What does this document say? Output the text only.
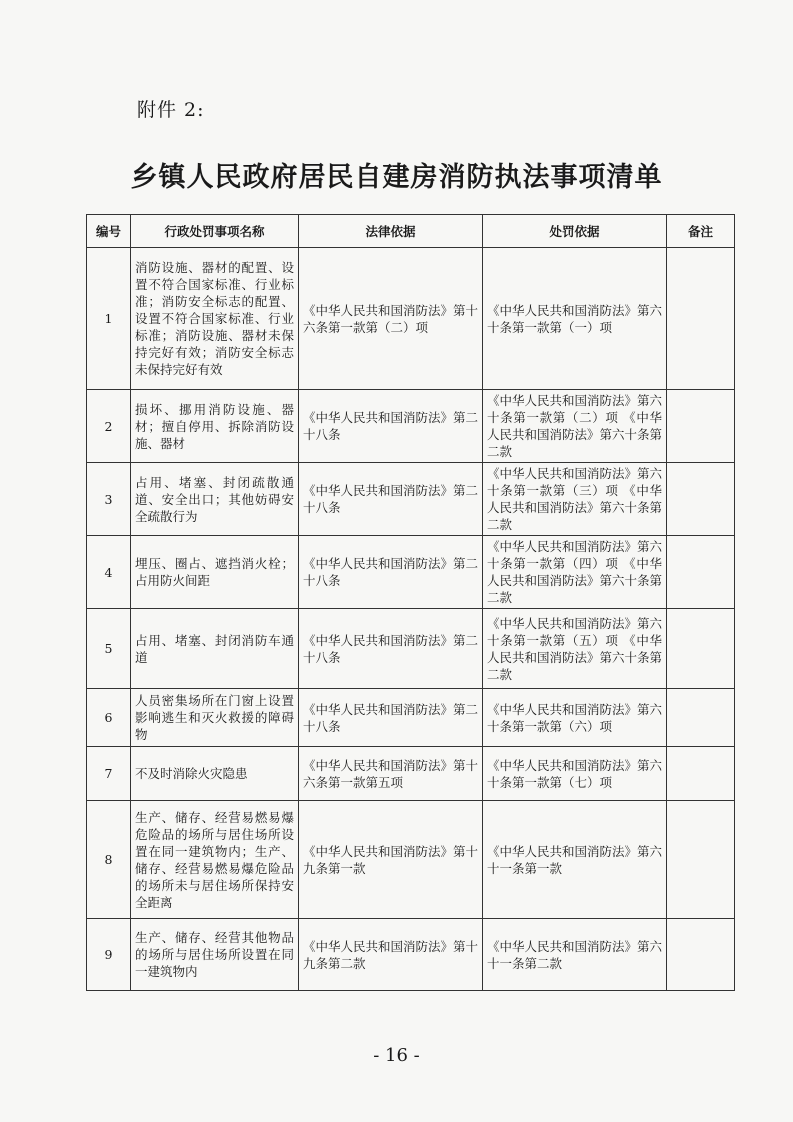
附件 2:
乡镇人民政府居民自建房消防执法事项清单
编号	行政处罚事项名称	法律依据	处罚依据	备注
1	消防设施、器材的配置、设置不符合国家标准、行业标准；消防安全标志的配置、设置不符合国家标准、行业标准；消防设施、器材未保持完好有效；消防安全标志未保持完好有效	《中华人民共和国消防法》第十六条第一款第（二）项	《中华人民共和国消防法》第六十条第一款第（一）项	
2	损坏、挪用消防设施、器材；擅自停用、拆除消防设施、器材	《中华人民共和国消防法》第二十八条	《中华人民共和国消防法》第六十条第一款第（二）项 《中华人民共和国消防法》第六十条第二款	
3	占用、堵塞、封闭疏散通道、安全出口；其他妨碍安全疏散行为	《中华人民共和国消防法》第二十八条	《中华人民共和国消防法》第六十条第一款第（三）项 《中华人民共和国消防法》第六十条第二款	
4	埋压、圈占、遮挡消火栓；占用防火间距	《中华人民共和国消防法》第二十八条	《中华人民共和国消防法》第六十条第一款第（四）项 《中华人民共和国消防法》第六十条第二款	
5	占用、堵塞、封闭消防车通道	《中华人民共和国消防法》第二十八条	《中华人民共和国消防法》第六十条第一款第（五）项 《中华人民共和国消防法》第六十条第二款	
6	人员密集场所在门窗上设置影响逃生和灭火救援的障碍物	《中华人民共和国消防法》第二十八条	《中华人民共和国消防法》第六十条第一款第（六）项	
7	不及时消除火灾隐患	《中华人民共和国消防法》第十六条第一款第五项	《中华人民共和国消防法》第六十条第一款第（七）项	
8	生产、储存、经营易燃易爆危险品的场所与居住场所设置在同一建筑物内；生产、储存、经营易燃易爆危险品的场所未与居住场所保持安全距离	《中华人民共和国消防法》第十九条第一款	《中华人民共和国消防法》第六十一条第一款	
9	生产、储存、经营其他物品的场所与居住场所设置在同一建筑物内	《中华人民共和国消防法》第十九条第二款	《中华人民共和国消防法》第六十一条第二款	
- 16 -
